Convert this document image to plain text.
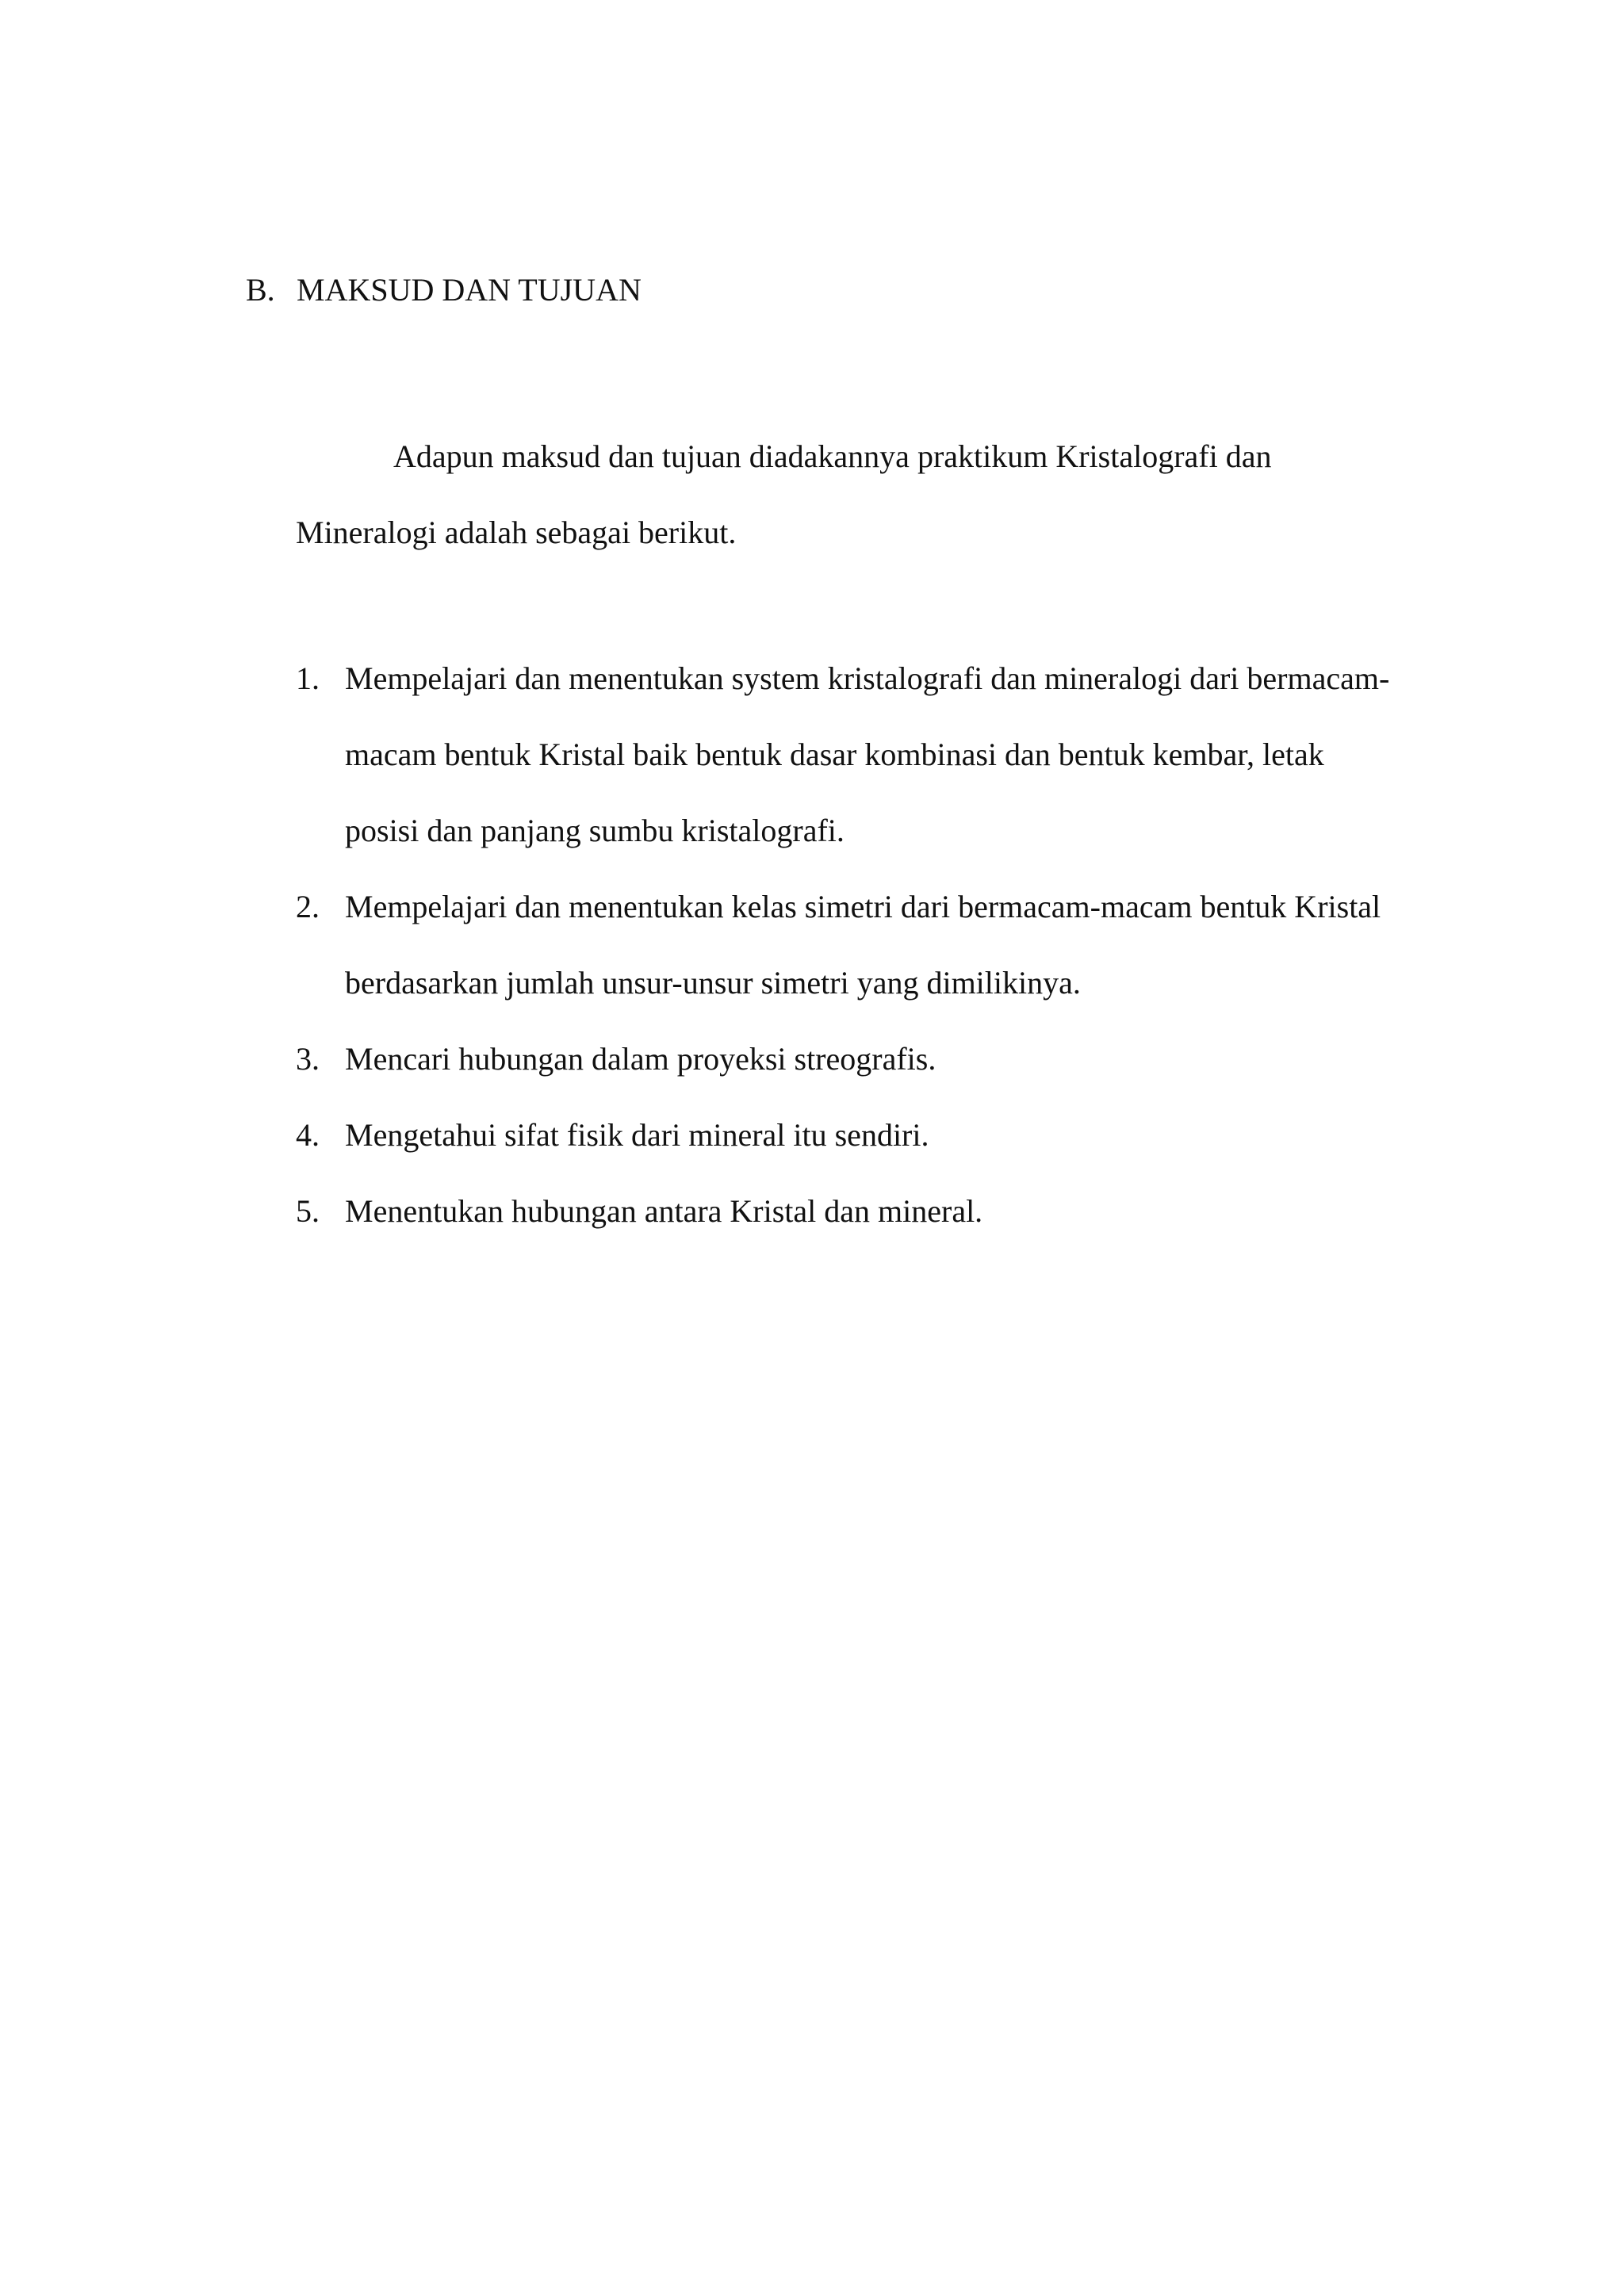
B. MAKSUD DAN TUJUAN
Adapun maksud dan tujuan diadakannya praktikum Kristalografi dan
Mineralogi adalah sebagai berikut.
1. Mempelajari dan menentukan system kristalografi dan mineralogi dari bermacam-
macam bentuk Kristal baik bentuk dasar kombinasi dan bentuk kembar, letak
posisi dan panjang sumbu kristalografi.
2. Mempelajari dan menentukan kelas simetri dari bermacam-macam bentuk Kristal
berdasarkan jumlah unsur-unsur simetri yang dimilikinya.
3. Mencari hubungan dalam proyeksi streografis.
4. Mengetahui sifat fisik dari mineral itu sendiri.
5. Menentukan hubungan antara Kristal dan mineral.
